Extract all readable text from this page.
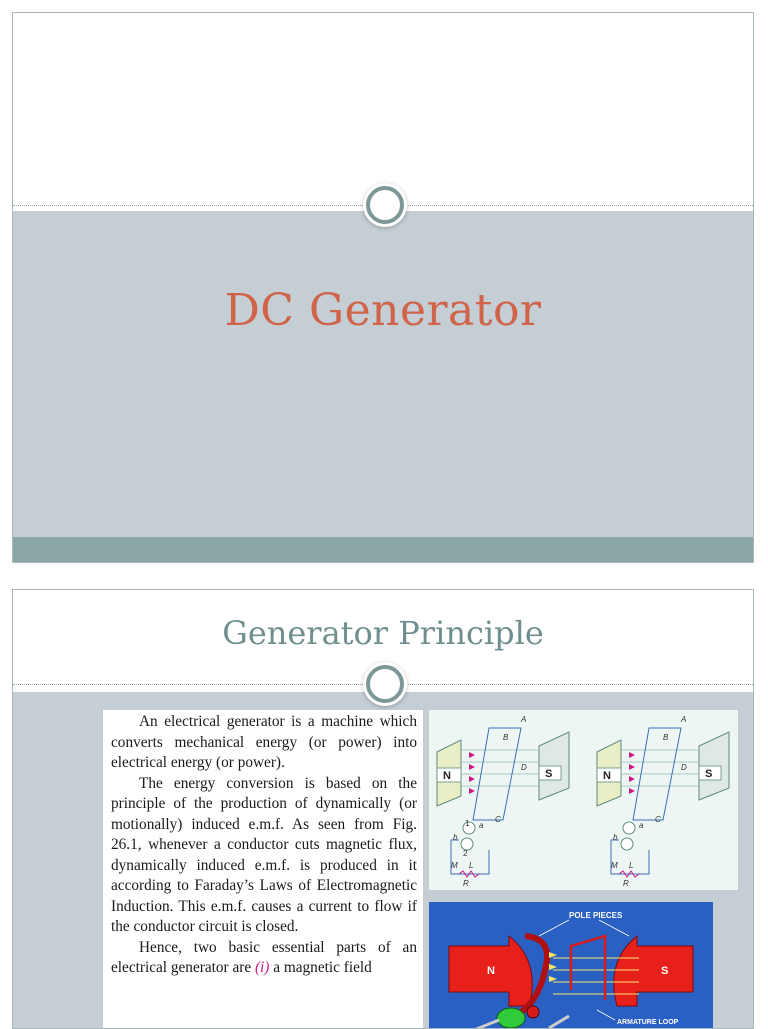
DC Generator
Generator Principle

An electrical generator is a machine which converts mechanical energy (or power) into electrical energy (or power).

The energy conversion is based on the principle of the production of dynamically (or motionally) induced e.m.f. As seen from Fig. 26.1, whenever a conductor cuts magnetic flux, dynamically induced e.m.f. is produced in it according to Faraday’s Laws of Electromagnetic Induction. This e.m.f. causes a current to flow if the conductor circuit is closed.

Hence, two basic essential parts of an electrical generator are (i) a magnetic field

N	S
A
B
C
D
a
b
1
2
M L
R
N	S
A
B
C
D
a
b
M L
R
POLE PIECES
N	S
ARMATURE LOOP
